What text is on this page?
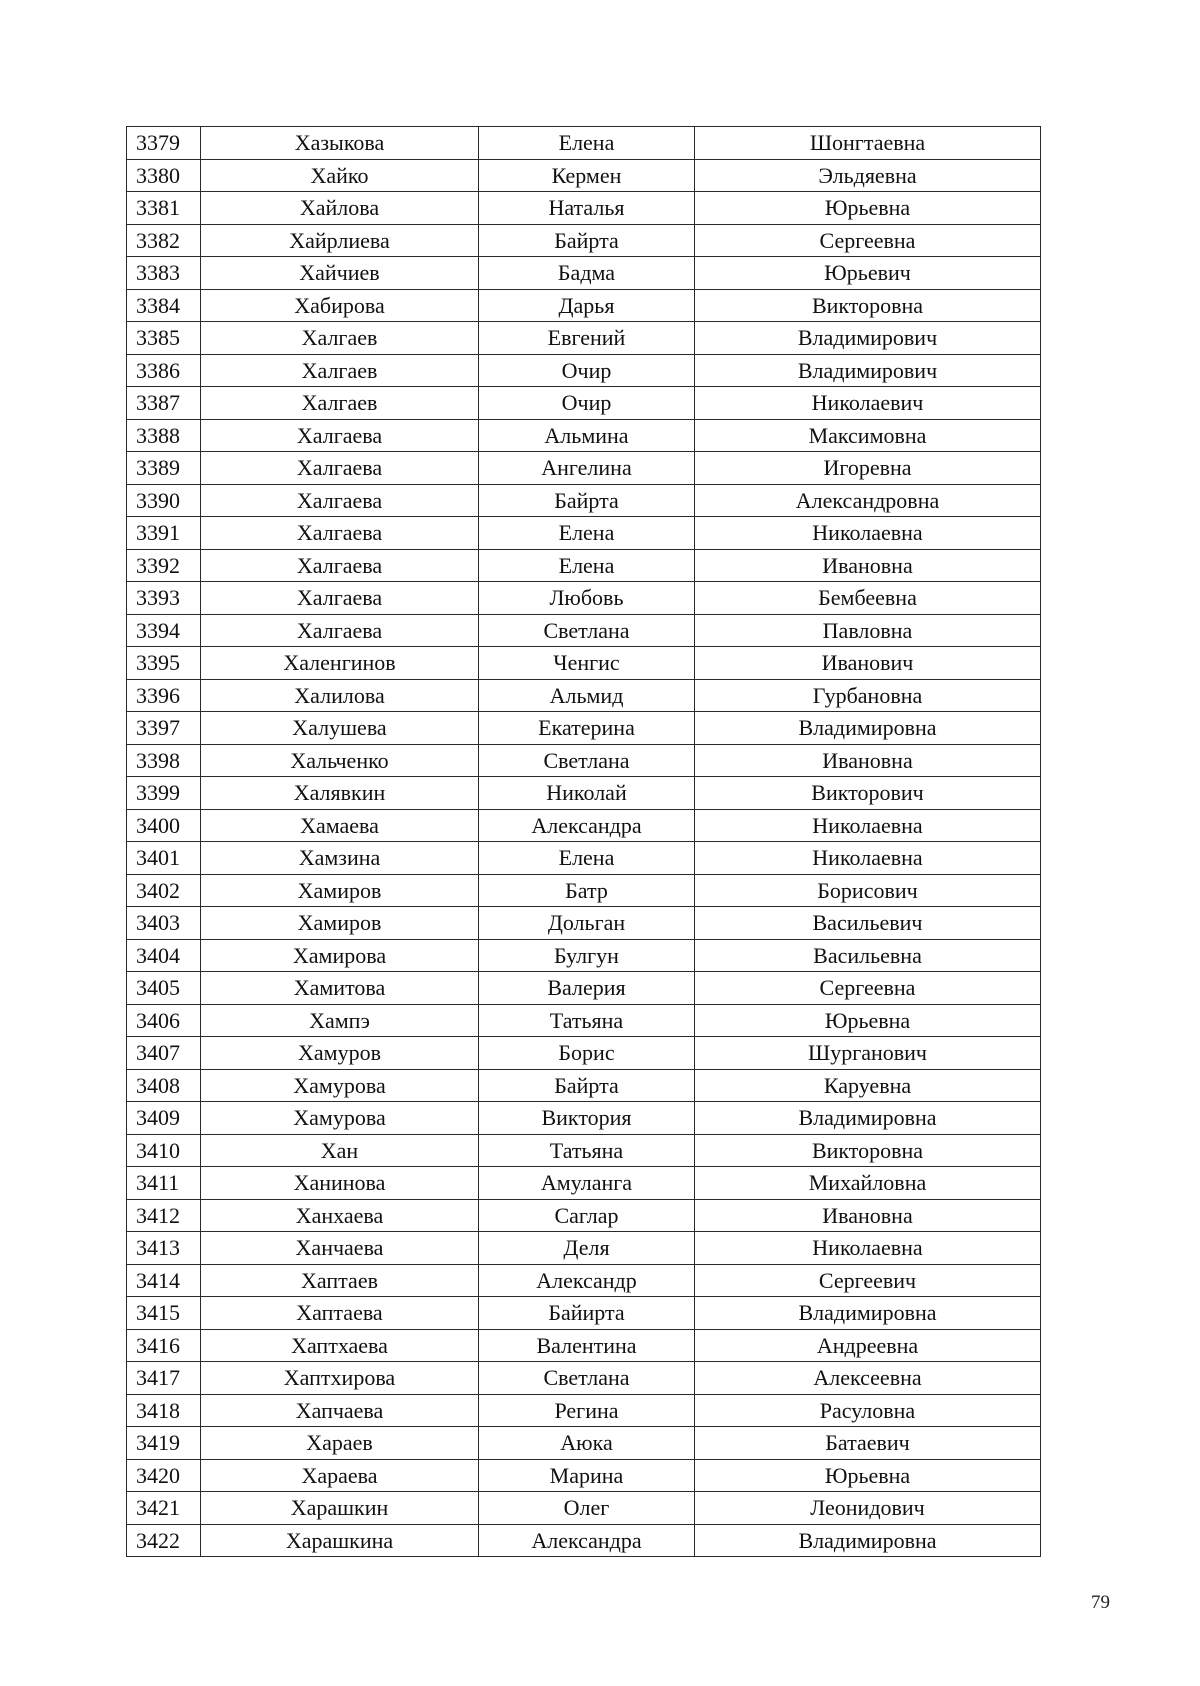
3379	Хазыкова	Елена	Шонгтаевна
3380	Хайко	Кермен	Эльдяевна
3381	Хайлова	Наталья	Юрьевна
3382	Хайрлиева	Байрта	Сергеевна
3383	Хайчиев	Бадма	Юрьевич
3384	Хабирова	Дарья	Викторовна
3385	Халгаев	Евгений	Владимирович
3386	Халгаев	Очир	Владимирович
3387	Халгаев	Очир	Николаевич
3388	Халгаева	Альмина	Максимовна
3389	Халгаева	Ангелина	Игоревна
3390	Халгаева	Байрта	Александровна
3391	Халгаева	Елена	Николаевна
3392	Халгаева	Елена	Ивановна
3393	Халгаева	Любовь	Бембеевна
3394	Халгаева	Светлана	Павловна
3395	Халенгинов	Ченгис	Иванович
3396	Халилова	Альмид	Гурбановна
3397	Халушева	Екатерина	Владимировна
3398	Хальченко	Светлана	Ивановна
3399	Халявкин	Николай	Викторович
3400	Хамаева	Александра	Николаевна
3401	Хамзина	Елена	Николаевна
3402	Хамиров	Батр	Борисович
3403	Хамиров	Дольган	Васильевич
3404	Хамирова	Булгун	Васильевна
3405	Хамитова	Валерия	Сергеевна
3406	Хампэ	Татьяна	Юрьевна
3407	Хамуров	Борис	Шурганович
3408	Хамурова	Байрта	Каруевна
3409	Хамурова	Виктория	Владимировна
3410	Хан	Татьяна	Викторовна
3411	Ханинова	Амуланга	Михайловна
3412	Ханхаева	Саглар	Ивановна
3413	Ханчаева	Деля	Николаевна
3414	Хаптаев	Александр	Сергеевич
3415	Хаптаева	Байирта	Владимировна
3416	Хаптхаева	Валентина	Андреевна
3417	Хаптхирова	Светлана	Алексеевна
3418	Хапчаева	Регина	Расуловна
3419	Хараев	Аюка	Батаевич
3420	Хараева	Марина	Юрьевна
3421	Харашкин	Олег	Леонидович
3422	Харашкина	Александра	Владимировна
79
